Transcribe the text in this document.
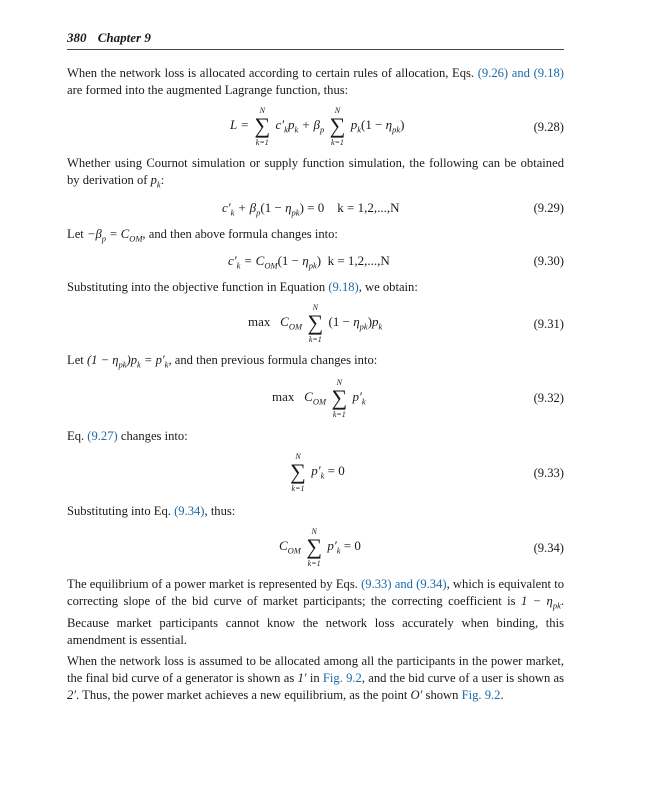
380 Chapter 9
When the network loss is allocated according to certain rules of allocation, Eqs. (9.26) and (9.18) are formed into the augmented Lagrange function, thus:
L =
N
∑
k=1
$c'_kp_k + \beta_p$
N
∑
k=1
$p_k(1 - \eta_{pk})$	(9.28)
Whether using Cournot simulation or supply function simulation, the following can be obtained by derivation of $p_k$:
$c'_k + \beta_p(1 - \eta_{pk}) = 0$    k = 1,2,...,N	(9.29)
Let $-\beta_p = C_{OM}$, and then above formula changes into:
$c'_k = C_{OM}(1 - \eta_{pk}) k = 1,2,...,N$	(9.30)
Substituting into the objective function in Equation (9.18), we obtain:
$\max C_{OM}$
N
∑
k=1
$(1 - \eta_{pk})p_k$	(9.31)
Let $(1 - \eta_{pk})p_k = p'_k$, and then previous formula changes into:
$\max C_{OM}$
N
∑
k=1
$p'_k$	(9.32)
Eq. (9.27) changes into:
N
∑
k=1
$p'_k = 0$	(9.33)
Substituting into Eq. (9.34), thus:
$C_{OM}$
N
∑
k=1
$p'_k = 0$	(9.34)
The equilibrium of a power market is represented by Eqs. (9.33) and (9.34), which is equivalent to correcting slope of the bid curve of market participants; the correcting coefficient is $1 - \eta_{pk}$. Because market participants cannot know the network loss accurately when binding, this amendment is essential.
When the network loss is assumed to be allocated among all the participants in the power market, the final bid curve of a generator is shown as 1′ in Fig. 9.2, and the bid curve of a user is shown as 2′. Thus, the power market achieves a new equilibrium, as the point O′ shown Fig. 9.2.
